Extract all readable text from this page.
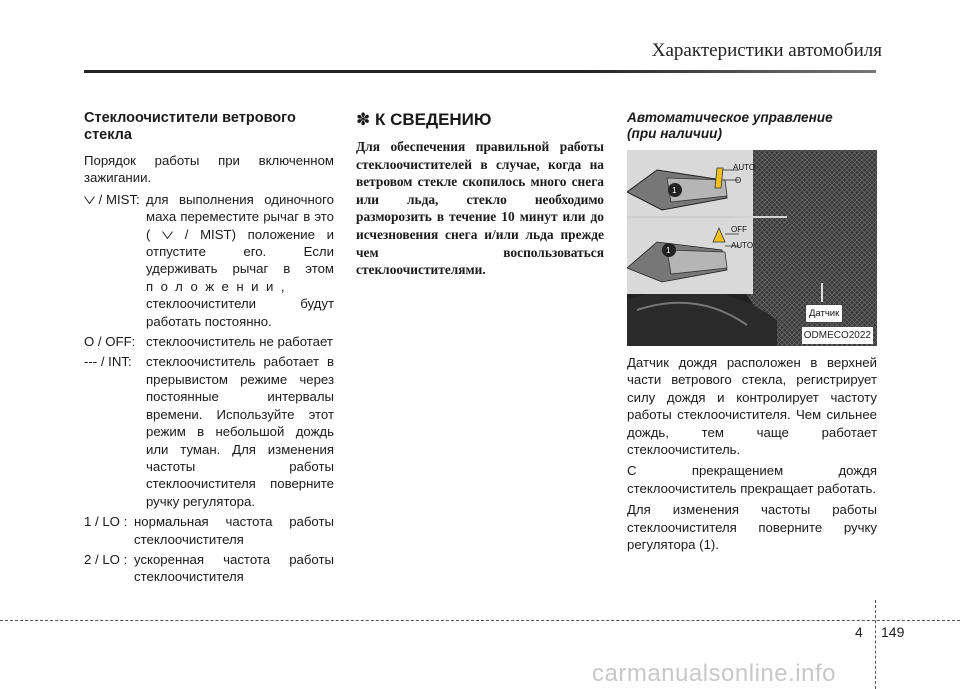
Характеристики автомобиля
Стеклоочистители ветрового
стекла

Порядок работы при включенном зажигании.

/ MIST: для выполнения одиночного маха переместите рычаг в это (	/ MIST) положение и отпустите его. Если удерживать рычаг в этом положении, стеклоочистители будут работать постоянно.
O / OFF: стеклоочиститель не работает
--- / INT: стеклоочиститель работает в прерывистом режиме через постоянные интервалы времени. Используйте этот режим в небольшой дождь или туман. Для изменения частоты работы стеклоочистителя поверните ручку регулятора.
1 / LO : нормальная частота работы стеклоочистителя
2 / LO : ускоренная частота работы стеклоочистителя
✽ К СВЕДЕНИЮ

Для обеспечения правильной работы стеклоочистителей в случае, когда на ветровом стекле скопилось много снега или льда, стекло необходимо разморозить в течение 10 минут или до исчезновения снега и/или льда прежде чем воспользоваться стеклоочистителями.

Автоматическое управление
(при наличии)
AUTO
O
OFF
AUTO
1
1
Датчик
ODMECO2022

Датчик дождя расположен в верхней части ветрового стекла, регистрирует силу дождя и контролирует частоту работы стеклоочистителя. Чем сильнее дождь, тем чаще работает стеклоочиститель.

С прекращением дождя стеклоочиститель прекращает работать.

Для изменения частоты работы стеклоочистителя поверните ручку регулятора (1).

4 149
carmanualsonline.info
